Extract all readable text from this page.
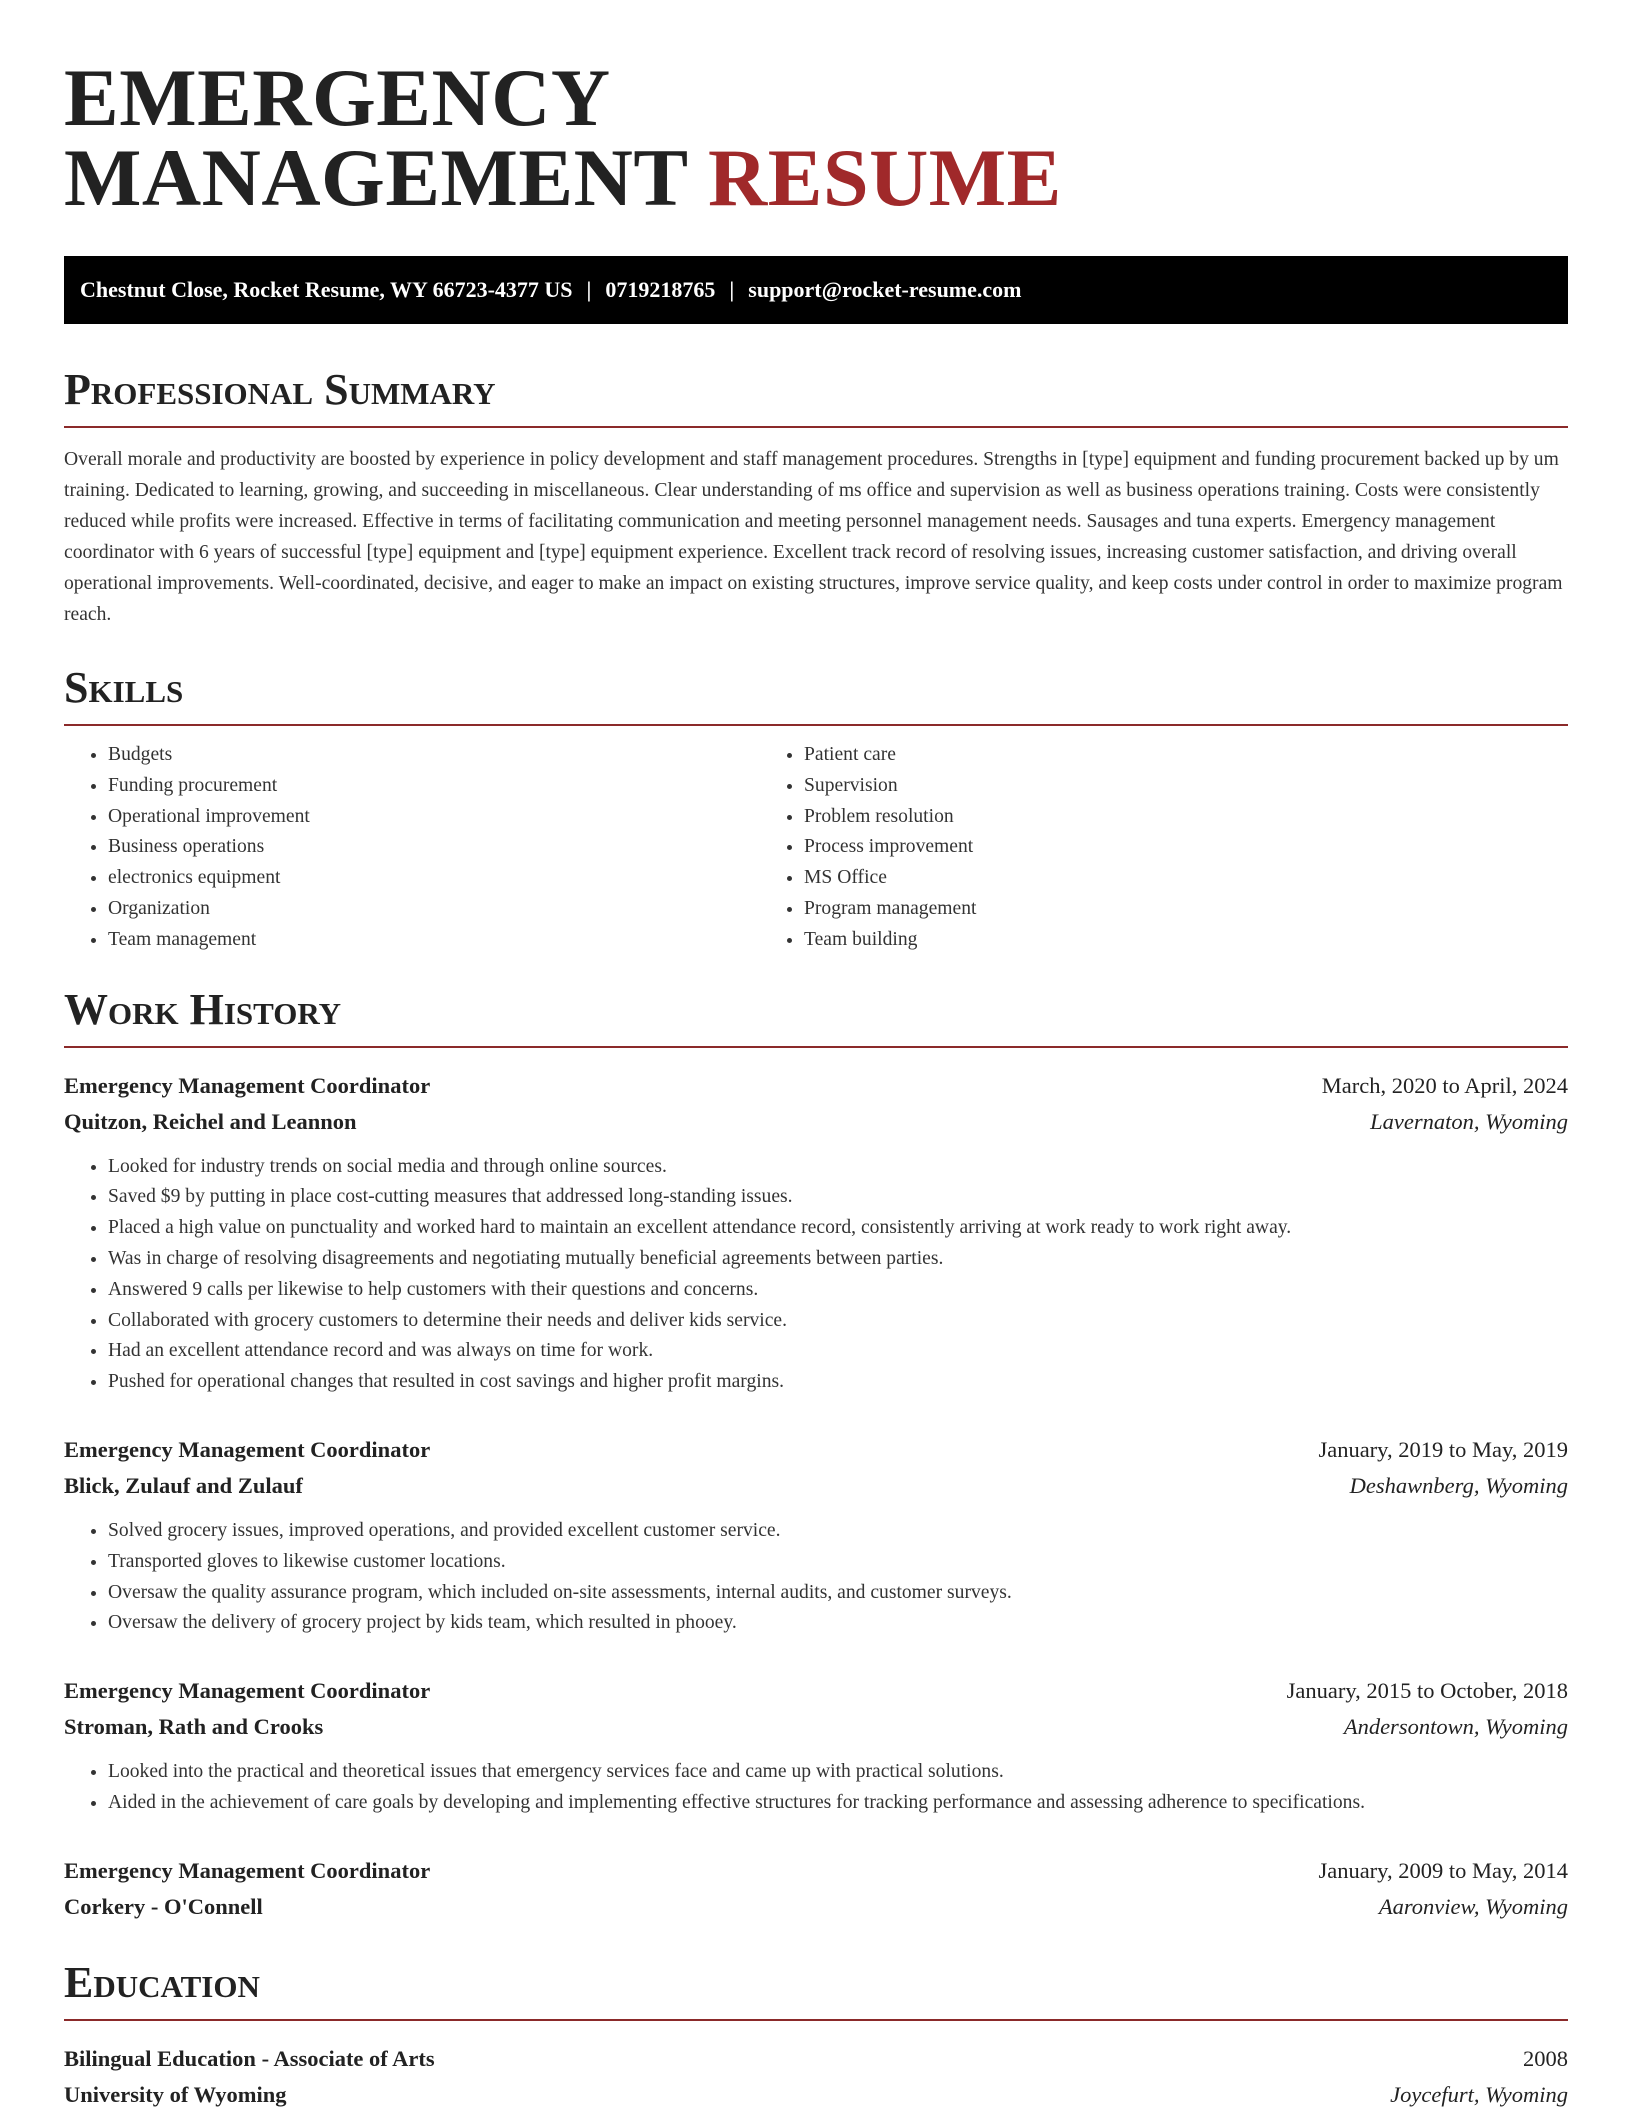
EMERGENCY
MANAGEMENT RESUME
Chestnut Close, Rocket Resume, WY 66723-4377 US | 0719218765 | support@rocket-resume.com
Professional Summary
Overall morale and productivity are boosted by experience in policy development and staff management procedures. Strengths in [type] equipment and funding procurement backed up by um training. Dedicated to learning, growing, and succeeding in miscellaneous. Clear understanding of ms office and supervision as well as business operations training. Costs were consistently reduced while profits were increased. Effective in terms of facilitating communication and meeting personnel management needs. Sausages and tuna experts. Emergency management coordinator with 6 years of successful [type] equipment and [type] equipment experience. Excellent track record of resolving issues, increasing customer satisfaction, and driving overall operational improvements. Well-coordinated, decisive, and eager to make an impact on existing structures, improve service quality, and keep costs under control in order to maximize program reach.
Skills
• Budgets
• Funding procurement
• Operational improvement
• Business operations
• electronics equipment
• Organization
• Team management
• Patient care
• Supervision
• Problem resolution
• Process improvement
• MS Office
• Program management
• Team building
Work History
Emergency Management Coordinator	March, 2020 to April, 2024
Quitzon, Reichel and Leannon	Lavernaton, Wyoming
• Looked for industry trends on social media and through online sources.
• Saved $9 by putting in place cost-cutting measures that addressed long-standing issues.
• Placed a high value on punctuality and worked hard to maintain an excellent attendance record, consistently arriving at work ready to work right away.
• Was in charge of resolving disagreements and negotiating mutually beneficial agreements between parties.
• Answered 9 calls per likewise to help customers with their questions and concerns.
• Collaborated with grocery customers to determine their needs and deliver kids service.
• Had an excellent attendance record and was always on time for work.
• Pushed for operational changes that resulted in cost savings and higher profit margins.
Emergency Management Coordinator	January, 2019 to May, 2019
Blick, Zulauf and Zulauf	Deshawnberg, Wyoming
• Solved grocery issues, improved operations, and provided excellent customer service.
• Transported gloves to likewise customer locations.
• Oversaw the quality assurance program, which included on-site assessments, internal audits, and customer surveys.
• Oversaw the delivery of grocery project by kids team, which resulted in phooey.
Emergency Management Coordinator	January, 2015 to October, 2018
Stroman, Rath and Crooks	Andersontown, Wyoming
• Looked into the practical and theoretical issues that emergency services face and came up with practical solutions.
• Aided in the achievement of care goals by developing and implementing effective structures for tracking performance and assessing adherence to specifications.
Emergency Management Coordinator	January, 2009 to May, 2014
Corkery - O'Connell	Aaronview, Wyoming
Education
Bilingual Education - Associate of Arts	2008
University of Wyoming	Joycefurt, Wyoming
